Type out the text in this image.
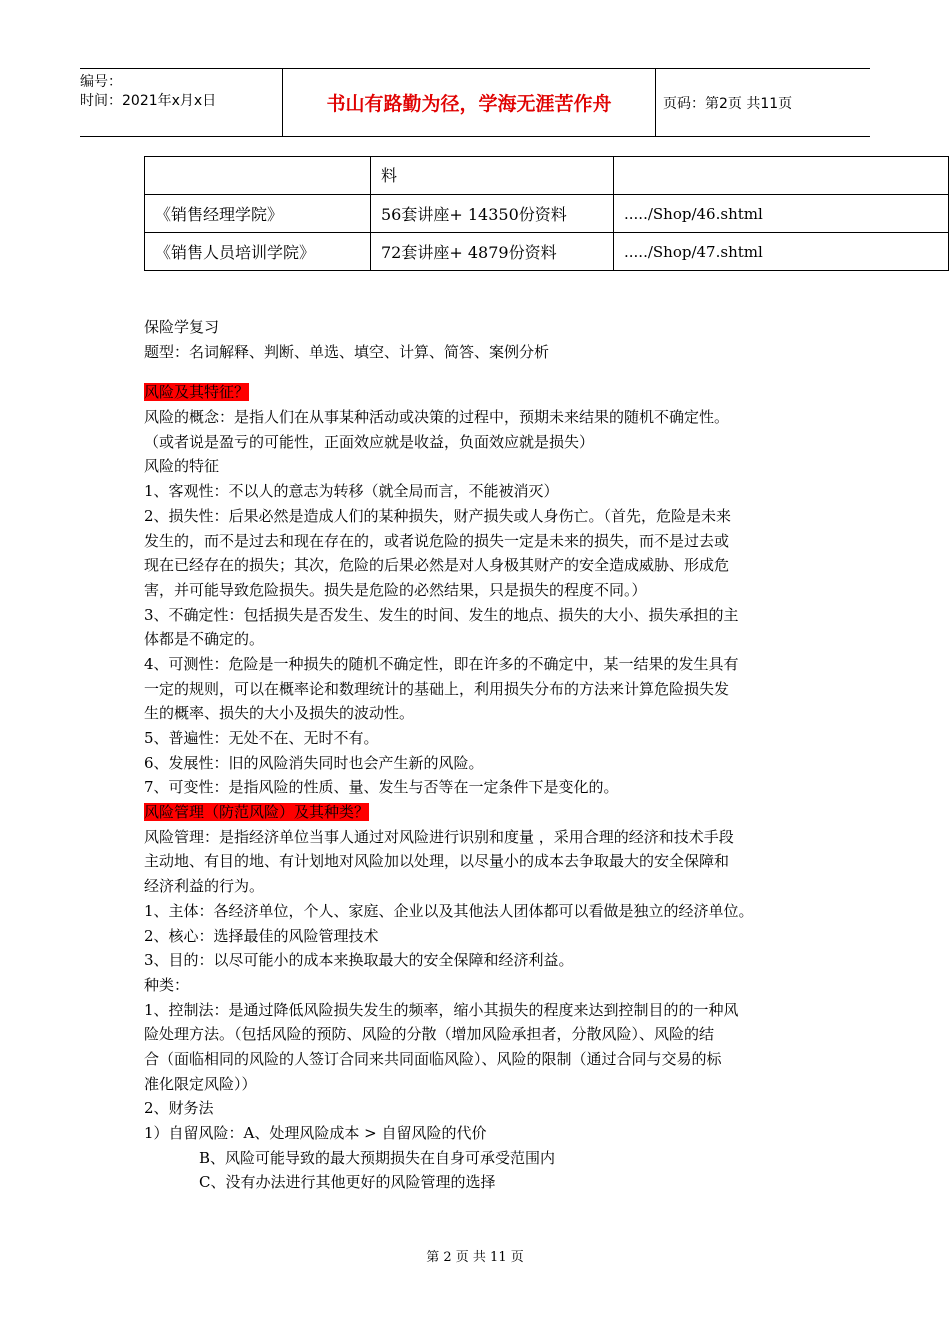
编号：
时间：2021年x月x日	书山有路勤为径，学海无涯苦作舟	页码：第2页 共11页
	料	
《销售经理学院》	56套讲座+ 14350份资料	...../Shop/46.shtml
《销售人员培训学院》	72套讲座+ 4879份资料	...../Shop/47.shtml
保险学复习
题型：名词解释、判断、单选、填空、计算、简答、案例分析
风险及其特征？
风险的概念：是指人们在从事某种活动或决策的过程中，预期未来结果的随机不确定性。
（或者说是盈亏的可能性，正面效应就是收益，负面效应就是损失）
风险的特征
1、客观性：不以人的意志为转移（就全局而言，不能被消灭）
2、损失性：后果必然是造成人们的某种损失，财产损失或人身伤亡。（首先，危险是未来
发生的，而不是过去和现在存在的，或者说危险的损失一定是未来的损失，而不是过去或
现在已经存在的损失；其次，危险的后果必然是对人身极其财产的安全造成威胁、形成危
害，并可能导致危险损失。损失是危险的必然结果，只是损失的程度不同。）
3、不确定性：包括损失是否发生、发生的时间、发生的地点、损失的大小、损失承担的主
体都是不确定的。
4、可测性：危险是一种损失的随机不确定性，即在许多的不确定中，某一结果的发生具有
一定的规则，可以在概率论和数理统计的基础上，利用损失分布的方法来计算危险损失发
生的概率、损失的大小及损失的波动性。
5、普遍性：无处不在、无时不有。
6、发展性：旧的风险消失同时也会产生新的风险。
7、可变性：是指风险的性质、量、发生与否等在一定条件下是变化的。
风险管理（防范风险）及其种类？
风险管理：是指经济单位当事人通过对风险进行识别和度量 ，采用合理的经济和技术手段
主动地、有目的地、有计划地对风险加以处理，以尽量小的成本去争取最大的安全保障和
经济利益的行为。
1、主体：各经济单位，个人、家庭、企业以及其他法人团体都可以看做是独立的经济单位。
2、核心：选择最佳的风险管理技术
3、目的：以尽可能小的成本来换取最大的安全保障和经济利益。
种类：
1、控制法：是通过降低风险损失发生的频率，缩小其损失的程度来达到控制目的的一种风
险处理方法。（包括风险的预防、风险的分散（增加风险承担者，分散风险）、风险的结
合（面临相同的风险的人签订合同来共同面临风险）、风险的限制（通过合同与交易的标
准化限定风险））
2、财务法
1）自留风险：A、处理风险成本 > 自留风险的代价
B、风险可能导致的最大预期损失在自身可承受范围内
C、没有办法进行其他更好的风险管理的选择
第 2 页 共 11 页
